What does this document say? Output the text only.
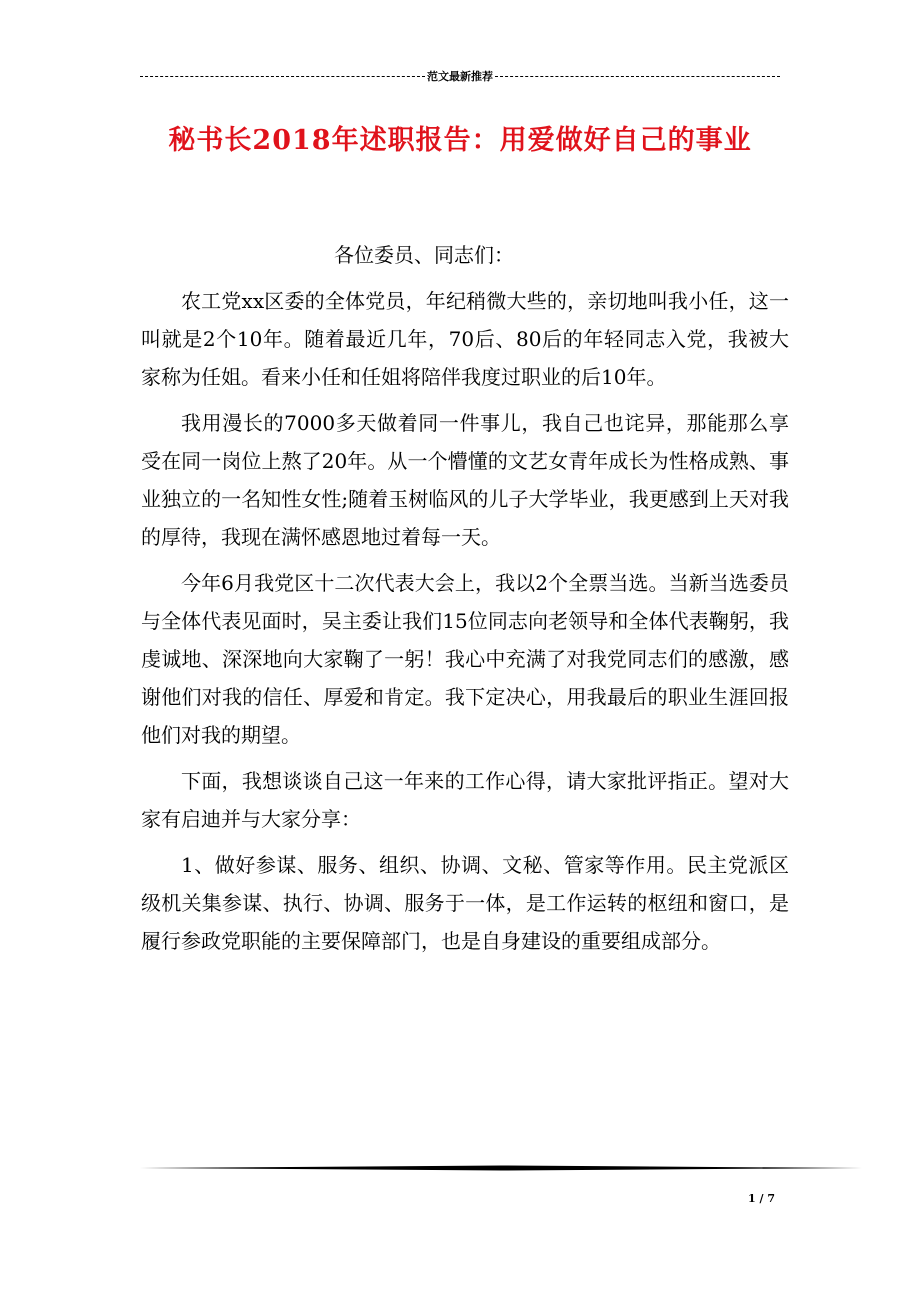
范文最新推荐
秘书长2018年述职报告：用爱做好自己的事业

各位委员、同志们：

农工党xx区委的全体党员，年纪稍微大些的，亲切地叫我小任，这一叫就是2个10年。随着最近几年，70后、80后的年轻同志入党，我被大家称为任姐。看来小任和任姐将陪伴我度过职业的后10年。

我用漫长的7000多天做着同一件事儿，我自己也诧异，那能那么享受在同一岗位上熬了20年。从一个懵懂的文艺女青年成长为性格成熟、事业独立的一名知性女性;随着玉树临风的儿子大学毕业，我更感到上天对我的厚待，我现在满怀感恩地过着每一天。

今年6月我党区十二次代表大会上，我以2个全票当选。当新当选委员与全体代表见面时，吴主委让我们15位同志向老领导和全体代表鞠躬，我虔诚地、深深地向大家鞠了一躬！我心中充满了对我党同志们的感激，感谢他们对我的信任、厚爱和肯定。我下定决心，用我最后的职业生涯回报他们对我的期望。

下面，我想谈谈自己这一年来的工作心得，请大家批评指正。望对大家有启迪并与大家分享：

1、做好参谋、服务、组织、协调、文秘、管家等作用。民主党派区级机关集参谋、执行、协调、服务于一体，是工作运转的枢纽和窗口，是履行参政党职能的主要保障部门，也是自身建设的重要组成部分。

1 / 7
